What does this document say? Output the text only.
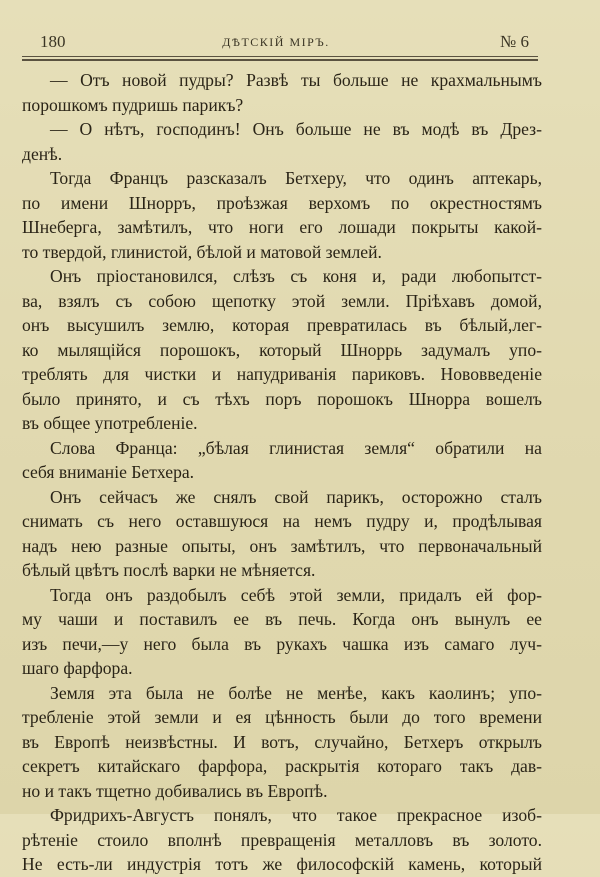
180	ДѢТСКІЙ МІРЪ.	№ 6
— Отъ новой пудры? Развѣ ты больше не крахмальнымъ
порошкомъ пудришь парикъ?
— О нѣтъ, господинъ! Онъ больше не въ модѣ въ Дрез-
денѣ.
Тогда Францъ разсказалъ Бетхеру, что одинъ аптекарь,
по имени Шнорръ, проѣзжая верхомъ по окрестностямъ
Шнеберга, замѣтилъ, что ноги его лошади покрыты какой-
то твердой, глинистой, бѣлой и матовой землей.
Онъ пріостановился, слѣзъ съ коня и, ради любопытст-
ва, взялъ съ собою щепотку этой земли. Пріѣхавъ домой,
онъ высушилъ землю, которая превратилась въ бѣлый,лег-
ко мылящійся порошокъ, который Шноррь задумалъ упо-
треблять для чистки и напудриванія париковъ. Нововведеніе
было принято, и съ тѣхъ поръ порошокъ Шнорра вошелъ
въ общее употребленіе.
Слова Франца: „бѣлая глинистая земля“ обратили на
себя вниманіе Бетхера.
Онъ сейчасъ же снялъ свой парикъ, осторожно сталъ
снимать съ него оставшуюся на немъ пудру и, продѣлывая
надъ нею разные опыты, онъ замѣтилъ, что первоначальный
бѣлый цвѣтъ послѣ варки не мѣняется.
Тогда онъ раздобылъ себѣ этой земли, придалъ ей фор-
му чаши и поставилъ ее въ печь. Когда онъ вынулъ ее
изъ печи,—у него была въ рукахъ чашка изъ самаго луч-
шаго фарфора.
Земля эта была не болѣе не менѣе, какъ каолинъ; упо-
требленіе этой земли и ея цѣнность были до того времени
въ Европѣ неизвѣстны. И вотъ, случайно, Бетхеръ открылъ
секретъ китайскаго фарфора, раскрытія котораго такъ дав-
но и такъ тщетно добивались въ Европѣ.
Фридрихъ-Августъ понялъ, что такое прекрасное изоб-
рѣтеніе стоило вполнѣ превращенія металловъ въ золото.
Не есть-ли индустрія тотъ же философскій камень, который
